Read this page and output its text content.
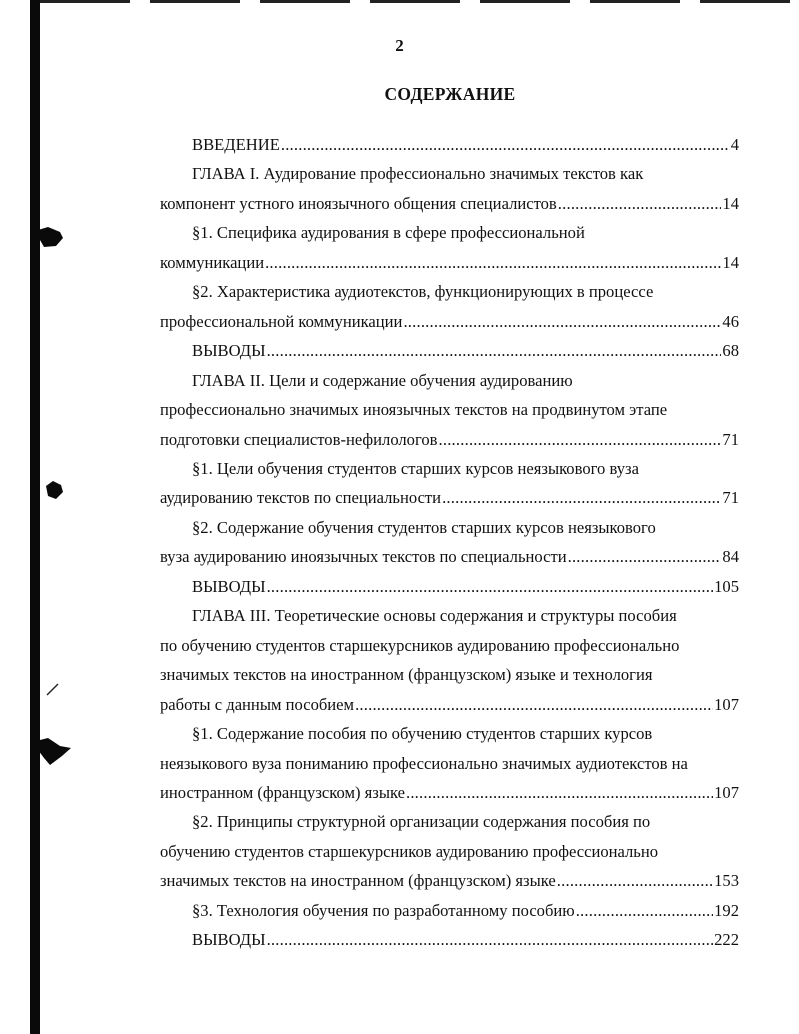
2
СОДЕРЖАНИЕ
ВВЕДЕНИЕ .....	4
ГЛАВА I. Аудирование профессионально значимых текстов как
компонент устного иноязычного общения специалистов .....	14
§1. Специфика аудирования в сфере профессиональной
коммуникации .....	14
§2. Характеристика аудиотекстов, функционирующих в процессе
профессиональной коммуникации .....	46
ВЫВОДЫ .....	68
ГЛАВА II. Цели и содержание обучения аудированию
профессионально значимых иноязычных текстов на продвинутом этапе
подготовки специалистов-нефилологов .....	71
§1. Цели обучения студентов старших курсов неязыкового вуза
аудированию текстов по специальности .....	71
§2. Содержание обучения студентов старших курсов неязыкового
вуза аудированию иноязычных текстов по специальности .....	84
ВЫВОДЫ .....	105
ГЛАВА III. Теоретические основы содержания и структуры пособия
по обучению студентов старшекурсников аудированию профессионально
значимых текстов на иностранном (французском) языке и технология
работы с данным пособием .....	107
§1. Содержание пособия по обучению студентов старших курсов
неязыкового вуза пониманию профессионально значимых аудиотекстов на
иностранном (французском) языке .....	107
§2. Принципы структурной организации содержания пособия по
обучению студентов старшекурсников аудированию профессионально
значимых текстов на иностранном (французском) языке .....	153
§3. Технология обучения по разработанному пособию .....	192
ВЫВОДЫ .....	222
